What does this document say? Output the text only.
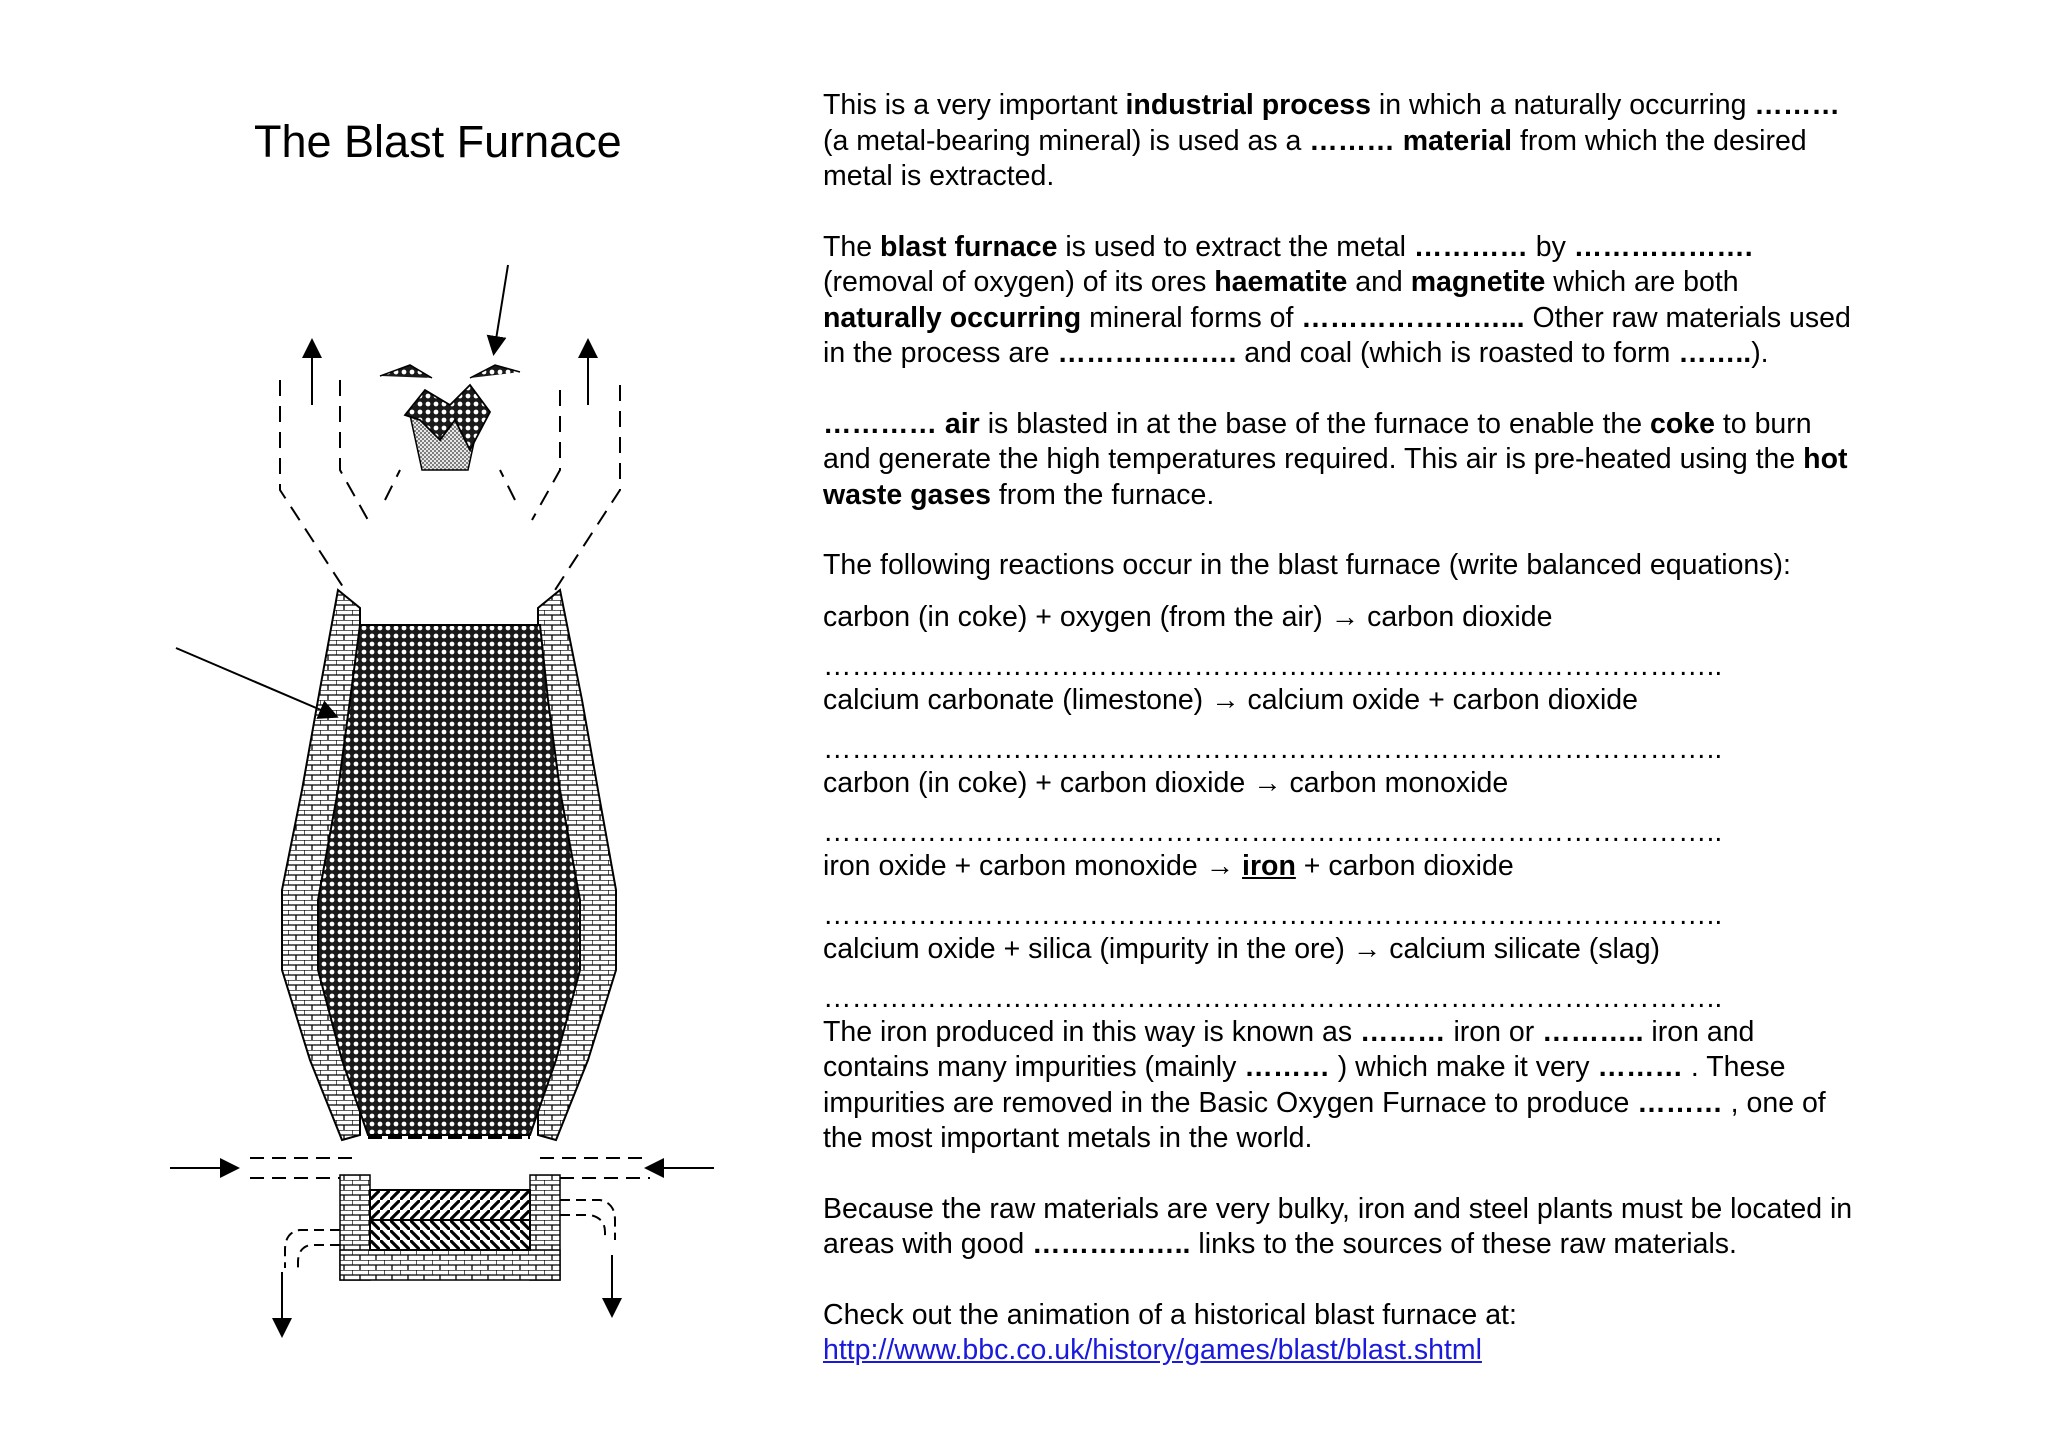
The Blast Furnace
This is a very important industrial process in which a naturally occurring ………
(a metal-bearing mineral) is used as a ……… material from which the desired
metal is extracted.
The blast furnace is used to extract the metal ………… by ……………….
(removal of oxygen) of its ores haematite and magnetite which are both
naturally occurring mineral forms of …………………... Other raw materials used
in the process are ………………. and coal (which is roasted to form ……..).
………… air is blasted in at the base of the furnace to enable the coke to burn
and generate the high temperatures required. This air is pre-heated using the hot
waste gases from the furnace.
The following reactions occur in the blast furnace (write balanced equations):
carbon (in coke) + oxygen (from the air) → carbon dioxide
…………………………………………………………………………………..
calcium carbonate (limestone) → calcium oxide + carbon dioxide
…………………………………………………………………………………..
carbon (in coke) + carbon dioxide → carbon monoxide
…………………………………………………………………………………..
iron oxide + carbon monoxide → iron + carbon dioxide
…………………………………………………………………………………..
calcium oxide + silica (impurity in the ore) → calcium silicate (slag)
…………………………………………………………………………………..
The iron produced in this way is known as ……… iron or ……….. iron and
contains many impurities (mainly ……… ) which make it very ……… . These
impurities are removed in the Basic Oxygen Furnace to produce ……… , one of
the most important metals in the world.
Because the raw materials are very bulky, iron and steel plants must be located in
areas with good …………….. links to the sources of these raw materials.
Check out the animation of a historical blast furnace at:
http://www.bbc.co.uk/history/games/blast/blast.shtml
